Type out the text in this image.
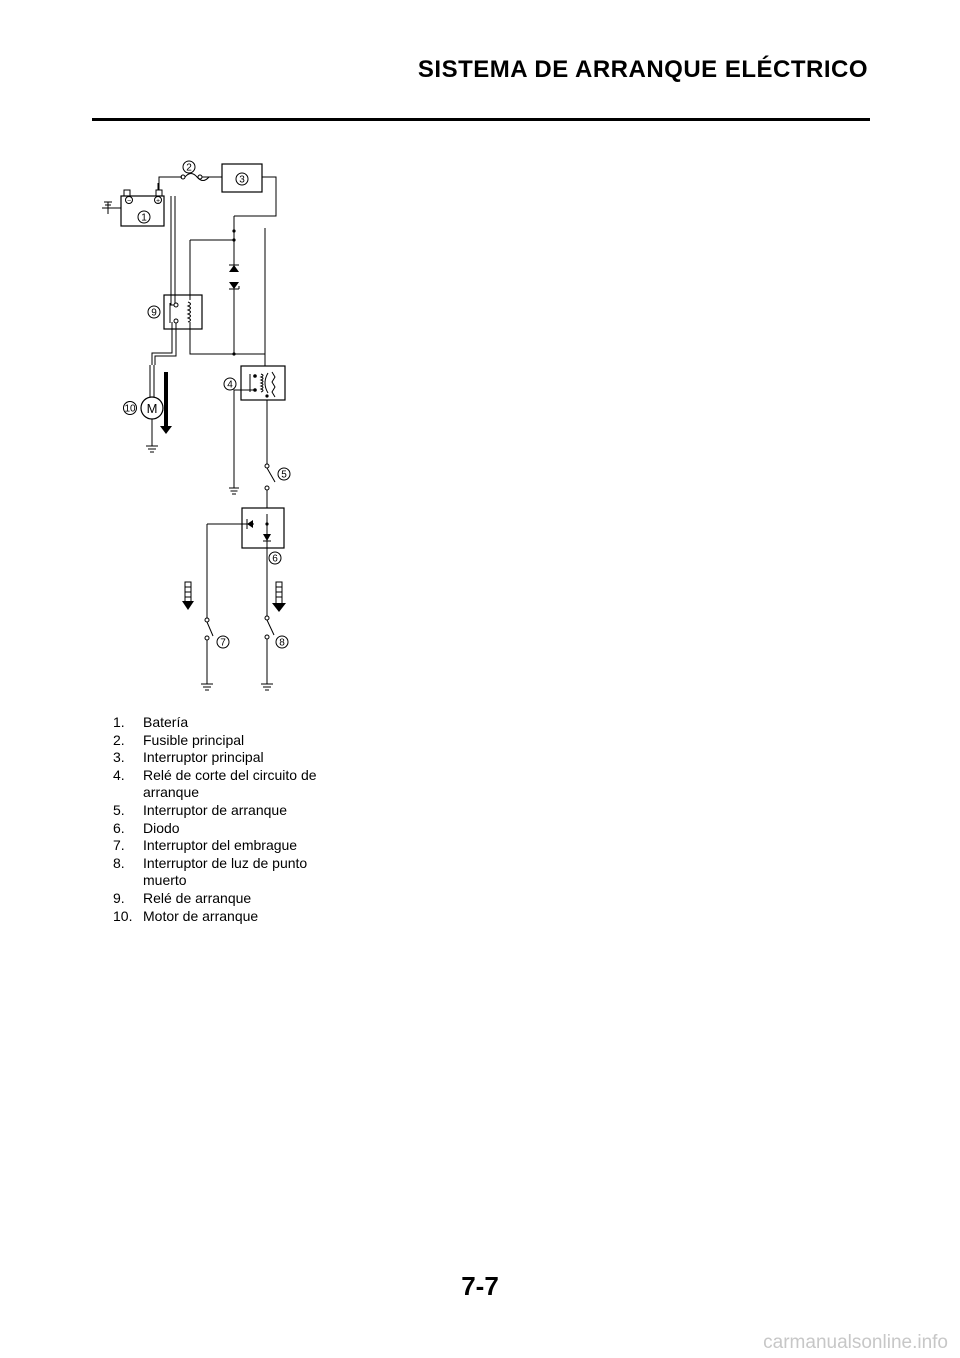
SISTEMA DE ARRANQUE ELÉCTRICO
−	+
M
1
2
3
4
5
6
7	8
9
10
1.	Batería
2.	Fusible principal
3.	Interruptor principal
4.	Relé de corte del circuito de
arranque
5.	Interruptor de arranque
6.	Diodo
7.	Interruptor del embrague
8.	Interruptor de luz de punto
muerto
9.	Relé de arranque
10. Motor de arranque
7-7
carmanualsonline.info
